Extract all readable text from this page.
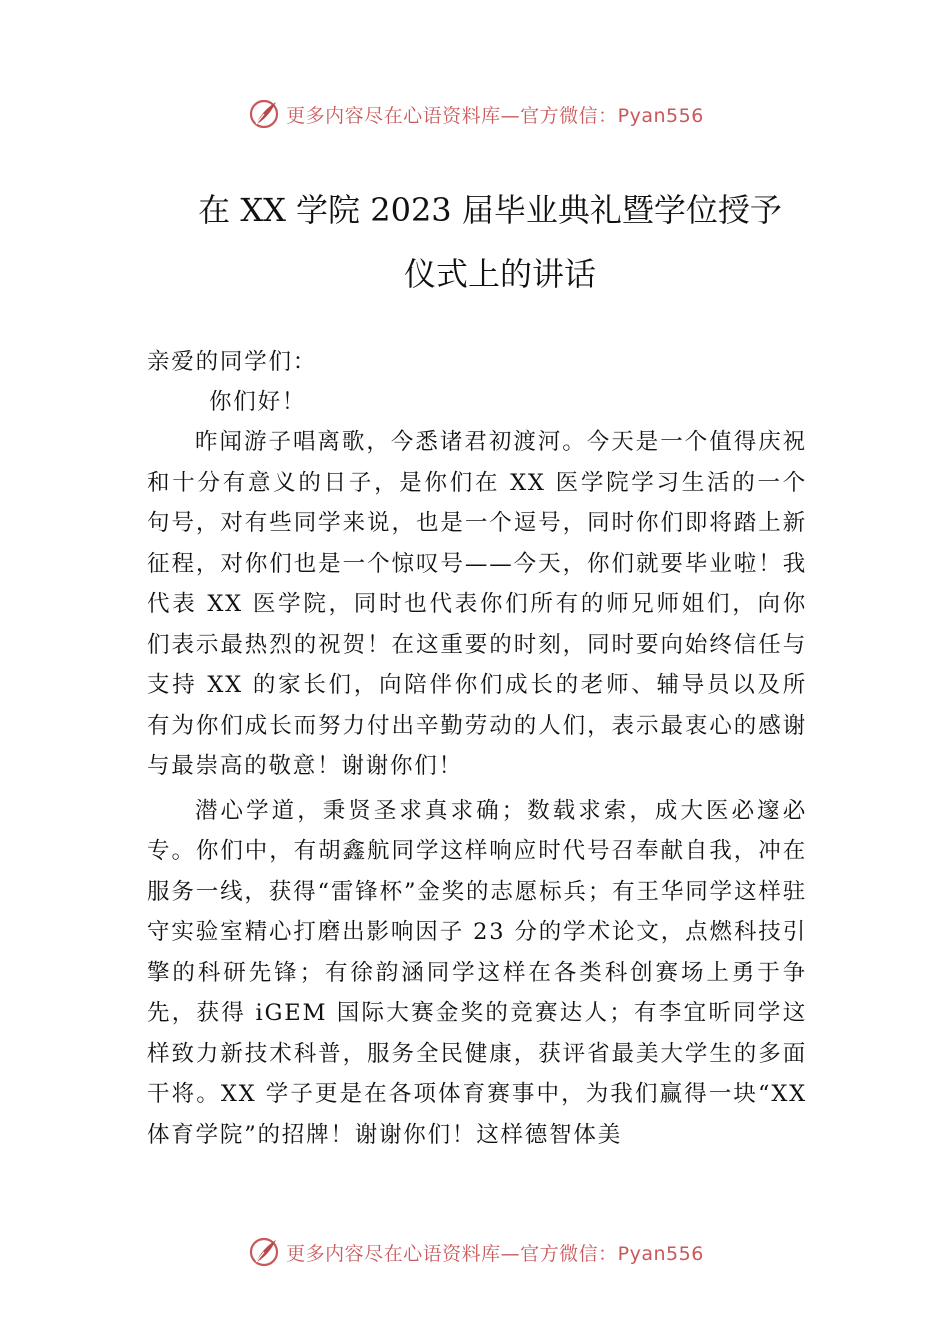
更多内容尽在心语资料库—官方微信：Pyan556
在 XX 学院 2023 届毕业典礼暨学位授予
仪式上的讲话
亲爱的同学们：
你们好！
昨闻游子唱离歌，今悉诸君初渡河。今天是一个值得庆祝和十分有意义的日子，是你们在 XX 医学院学习生活的一个句号，对有些同学来说，也是一个逗号，同时你们即将踏上新征程，对你们也是一个惊叹号——今天，你们就要毕业啦！我代表 XX 医学院，同时也代表你们所有的师兄师姐们，向你们表示最热烈的祝贺！在这重要的时刻，同时要向始终信任与支持 XX 的家长们，向陪伴你们成长的老师、辅导员以及所有为你们成长而努力付出辛勤劳动的人们，表示最衷心的感谢与最崇高的敬意！谢谢你们！
潜心学道，秉贤圣求真求确；数载求索，成大医必邃必专。你们中，有胡鑫航同学这样响应时代号召奉献自我，冲在服务一线，获得“雷锋杯”金奖的志愿标兵；有王华同学这样驻守实验室精心打磨出影响因子 23 分的学术论文，点燃科技引擎的科研先锋；有徐韵涵同学这样在各类科创赛场上勇于争先，获得 iGEM 国际大赛金奖的竞赛达人；有李宜昕同学这样致力新技术科普，服务全民健康，获评省最美大学生的多面干将。XX 学子更是在各项体育赛事中，为我们赢得一块“XX 体育学院”的招牌！谢谢你们！这样德智体美
更多内容尽在心语资料库—官方微信：Pyan556
